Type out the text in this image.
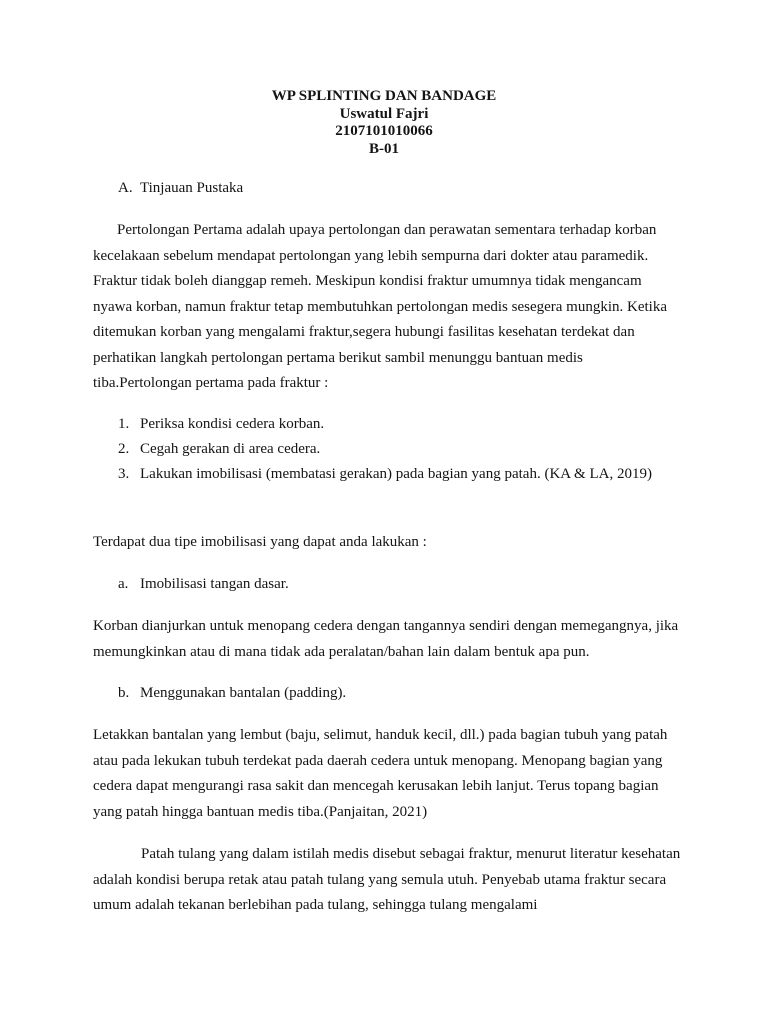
WP SPLINTING DAN BANDAGE
Uswatul Fajri
2107101010066
B-01
A. Tinjauan Pustaka
Pertolongan Pertama adalah upaya pertolongan dan perawatan sementara terhadap korban kecelakaan sebelum mendapat pertolongan yang lebih sempurna dari dokter atau paramedik. Fraktur tidak boleh dianggap remeh. Meskipun kondisi fraktur umumnya tidak mengancam nyawa korban, namun fraktur tetap membutuhkan pertolongan medis sesegera mungkin. Ketika ditemukan korban yang mengalami fraktur,segera hubungi fasilitas kesehatan terdekat dan perhatikan langkah pertolongan pertama berikut sambil menunggu bantuan medis tiba.Pertolongan pertama pada fraktur :
1. Periksa kondisi cedera korban.
2. Cegah gerakan di area cedera.
3. Lakukan imobilisasi (membatasi gerakan) pada bagian yang patah. (KA & LA, 2019)
Terdapat dua tipe imobilisasi yang dapat anda lakukan :
a. Imobilisasi tangan dasar.
Korban dianjurkan untuk menopang cedera dengan tangannya sendiri dengan memegangnya, jika memungkinkan atau di mana tidak ada peralatan/bahan lain dalam bentuk apa pun.
b. Menggunakan bantalan (padding).
Letakkan bantalan yang lembut (baju, selimut, handuk kecil, dll.) pada bagian tubuh yang patah atau pada lekukan tubuh terdekat pada daerah cedera untuk menopang. Menopang bagian yang cedera dapat mengurangi rasa sakit dan mencegah kerusakan lebih lanjut. Terus topang bagian yang patah hingga bantuan medis tiba.(Panjaitan, 2021)
Patah tulang yang dalam istilah medis disebut sebagai fraktur, menurut literatur kesehatan adalah kondisi berupa retak atau patah tulang yang semula utuh. Penyebab utama fraktur secara umum adalah tekanan berlebihan pada tulang, sehingga tulang mengalami
